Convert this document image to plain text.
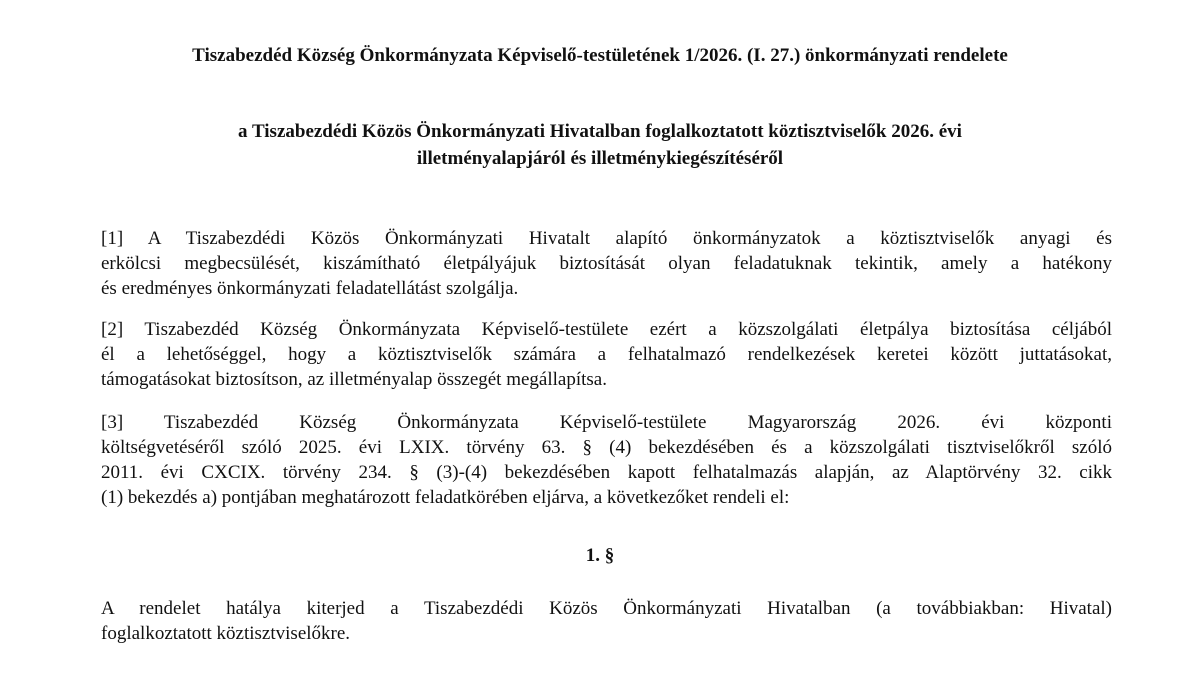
Tiszabezdéd Község Önkormányzata Képviselő-testületének 1/2026. (I. 27.) önkormányzati rendelete

a Tiszabezdédi Közös Önkormányzati Hivatalban foglalkoztatott köztisztviselők 2026. évi

illetményalapjáról és illetménykiegészítéséről

[1] A Tiszabezdédi Közös Önkormányzati Hivatalt alapító önkormányzatok a köztisztviselők anyagi és
erkölcsi megbecsülését, kiszámítható életpályájuk biztosítását olyan feladatuknak tekintik, amely a hatékony
és eredményes önkormányzati feladatellátást szolgálja.
[2] Tiszabezdéd Község Önkormányzata Képviselő-testülete ezért a közszolgálati életpálya biztosítása céljából
él a lehetőséggel, hogy a köztisztviselők számára a felhatalmazó rendelkezések keretei között juttatásokat,
támogatásokat biztosítson, az illetményalap összegét megállapítsa.
[3] Tiszabezdéd Község Önkormányzata Képviselő-testülete Magyarország 2026. évi központi
költségvetéséről szóló 2025. évi LXIX. törvény 63. § (4) bekezdésében és a közszolgálati tisztviselőkről szóló
2011. évi CXCIX. törvény 234. § (3)-(4) bekezdésében kapott felhatalmazás alapján, az Alaptörvény 32. cikk
(1) bekezdés a) pontjában meghatározott feladatkörében eljárva, a következőket rendeli el:

1. §

A rendelet hatálya kiterjed a Tiszabezdédi Közös Önkormányzati Hivatalban (a továbbiakban: Hivatal)
foglalkoztatott köztisztviselőkre.
